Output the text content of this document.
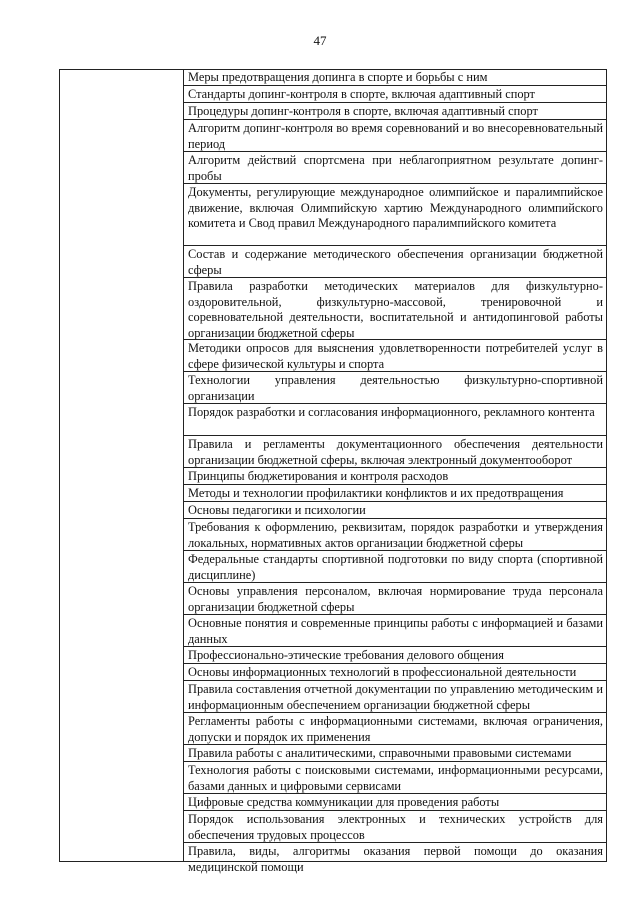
47
Меры предотвращения допинга в спорте и борьбы с ним
Стандарты допинг-контроля в спорте, включая адаптивный спорт
Процедуры допинг-контроля в спорте, включая адаптивный спорт
Алгоритм допинг-контроля во время соревнований и во внесоревновательный период
Алгоритм действий спортсмена при неблагоприятном результате допинг-пробы
Документы, регулирующие международное олимпийское и паралимпийское движение, включая Олимпийскую хартию Международного олимпийского комитета и Свод правил Международного паралимпийского комитета
Состав и содержание методического обеспечения организации бюджетной сферы
Правила разработки методических материалов для физкультурно-оздоровительной, физкультурно-массовой, тренировочной и соревновательной деятельности, воспитательной и антидопинговой работы организации бюджетной сферы
Методики опросов для выяснения удовлетворенности потребителей услуг в сфере физической культуры и спорта
Технологии управления деятельностью физкультурно-спортивной организации
Порядок разработки и согласования информационного, рекламного контента
Правила и регламенты документационного обеспечения деятельности организации бюджетной сферы, включая электронный документооборот
Принципы бюджетирования и контроля расходов
Методы и технологии профилактики конфликтов и их предотвращения
Основы педагогики и психологии
Требования к оформлению, реквизитам, порядок разработки и утверждения локальных, нормативных актов организации бюджетной сферы
Федеральные стандарты спортивной подготовки по виду спорта (спортивной дисциплине)
Основы управления персоналом, включая нормирование труда персонала организации бюджетной сферы
Основные понятия и современные принципы работы с информацией и базами данных
Профессионально-этические требования делового общения
Основы информационных технологий в профессиональной деятельности
Правила составления отчетной документации по управлению методическим и информационным обеспечением организации бюджетной сферы
Регламенты работы с информационными системами, включая ограничения, допуски и порядок их применения
Правила работы с аналитическими, справочными правовыми системами
Технология работы с поисковыми системами, информационными ресурсами, базами данных и цифровыми сервисами
Цифровые средства коммуникации для проведения работы
Порядок использования электронных и технических устройств для обеспечения трудовых процессов
Правила, виды, алгоритмы оказания первой помощи до оказания медицинской помощи
